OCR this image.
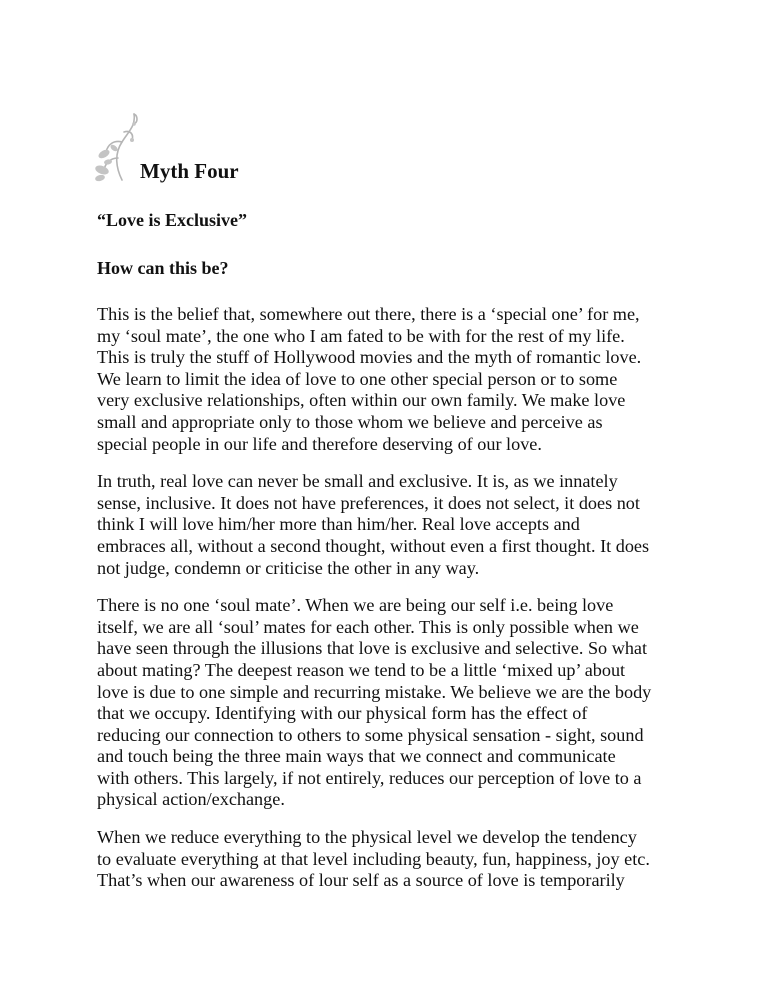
Myth Four
“Love is Exclusive”
How can this be?

This is the belief that, somewhere out there, there is a ‘special one’ for me,
my ‘soul mate’, the one who I am fated to be with for the rest of my life.
This is truly the stuff of Hollywood movies and the myth of romantic love.
We learn to limit the idea of love to one other special person or to some
very exclusive relationships, often within our own family. We make love
small and appropriate only to those whom we believe and perceive as
special people in our life and therefore deserving of our love.

In truth, real love can never be small and exclusive. It is, as we innately
sense, inclusive. It does not have preferences, it does not select, it does not
think I will love him/her more than him/her. Real love accepts and
embraces all, without a second thought, without even a first thought. It does
not judge, condemn or criticise the other in any way.

There is no one ‘soul mate’. When we are being our self i.e. being love
itself, we are all ‘soul’ mates for each other. This is only possible when we
have seen through the illusions that love is exclusive and selective. So what
about mating? The deepest reason we tend to be a little ‘mixed up’ about
love is due to one simple and recurring mistake. We believe we are the body
that we occupy. Identifying with our physical form has the effect of
reducing our connection to others to some physical sensation - sight, sound
and touch being the three main ways that we connect and communicate
with others. This largely, if not entirely, reduces our perception of love to a
physical action/exchange.

When we reduce everything to the physical level we develop the tendency
to evaluate everything at that level including beauty, fun, happiness, joy etc.
That’s when our awareness of lour self as a source of love is temporarily
